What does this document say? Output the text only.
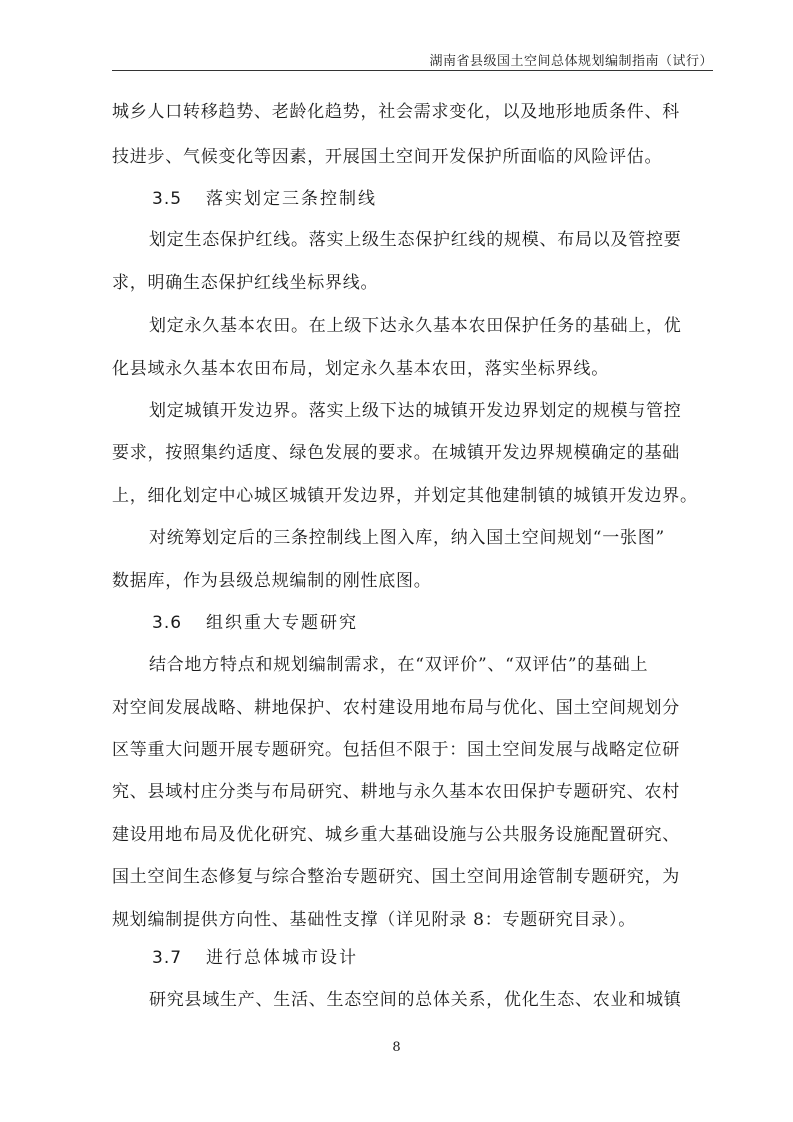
湖南省县级国土空间总体规划编制指南（试行）
城乡人口转移趋势、老龄化趋势，社会需求变化，以及地形地质条件、科
技进步、气候变化等因素，开展国土空间开发保护所面临的风险评估。
3.5 落实划定三条控制线
划定生态保护红线。落实上级生态保护红线的规模、布局以及管控要
求，明确生态保护红线坐标界线。
划定永久基本农田。在上级下达永久基本农田保护任务的基础上，优
化县域永久基本农田布局，划定永久基本农田，落实坐标界线。
划定城镇开发边界。落实上级下达的城镇开发边界划定的规模与管控
要求，按照集约适度、绿色发展的要求。在城镇开发边界规模确定的基础
上，细化划定中心城区城镇开发边界，并划定其他建制镇的城镇开发边界。
对统筹划定后的三条控制线上图入库，纳入国土空间规划“一张图”
数据库，作为县级总规编制的刚性底图。
3.6 组织重大专题研究
结合地方特点和规划编制需求，在“双评价”、“双评估”的基础上
对空间发展战略、耕地保护、农村建设用地布局与优化、国土空间规划分
区等重大问题开展专题研究。包括但不限于：国土空间发展与战略定位研
究、县域村庄分类与布局研究、耕地与永久基本农田保护专题研究、农村
建设用地布局及优化研究、城乡重大基础设施与公共服务设施配置研究、
国土空间生态修复与综合整治专题研究、国土空间用途管制专题研究，为
规划编制提供方向性、基础性支撑（详见附录 8：专题研究目录）。
3.7 进行总体城市设计
研究县域生产、生活、生态空间的总体关系，优化生态、农业和城镇
8
